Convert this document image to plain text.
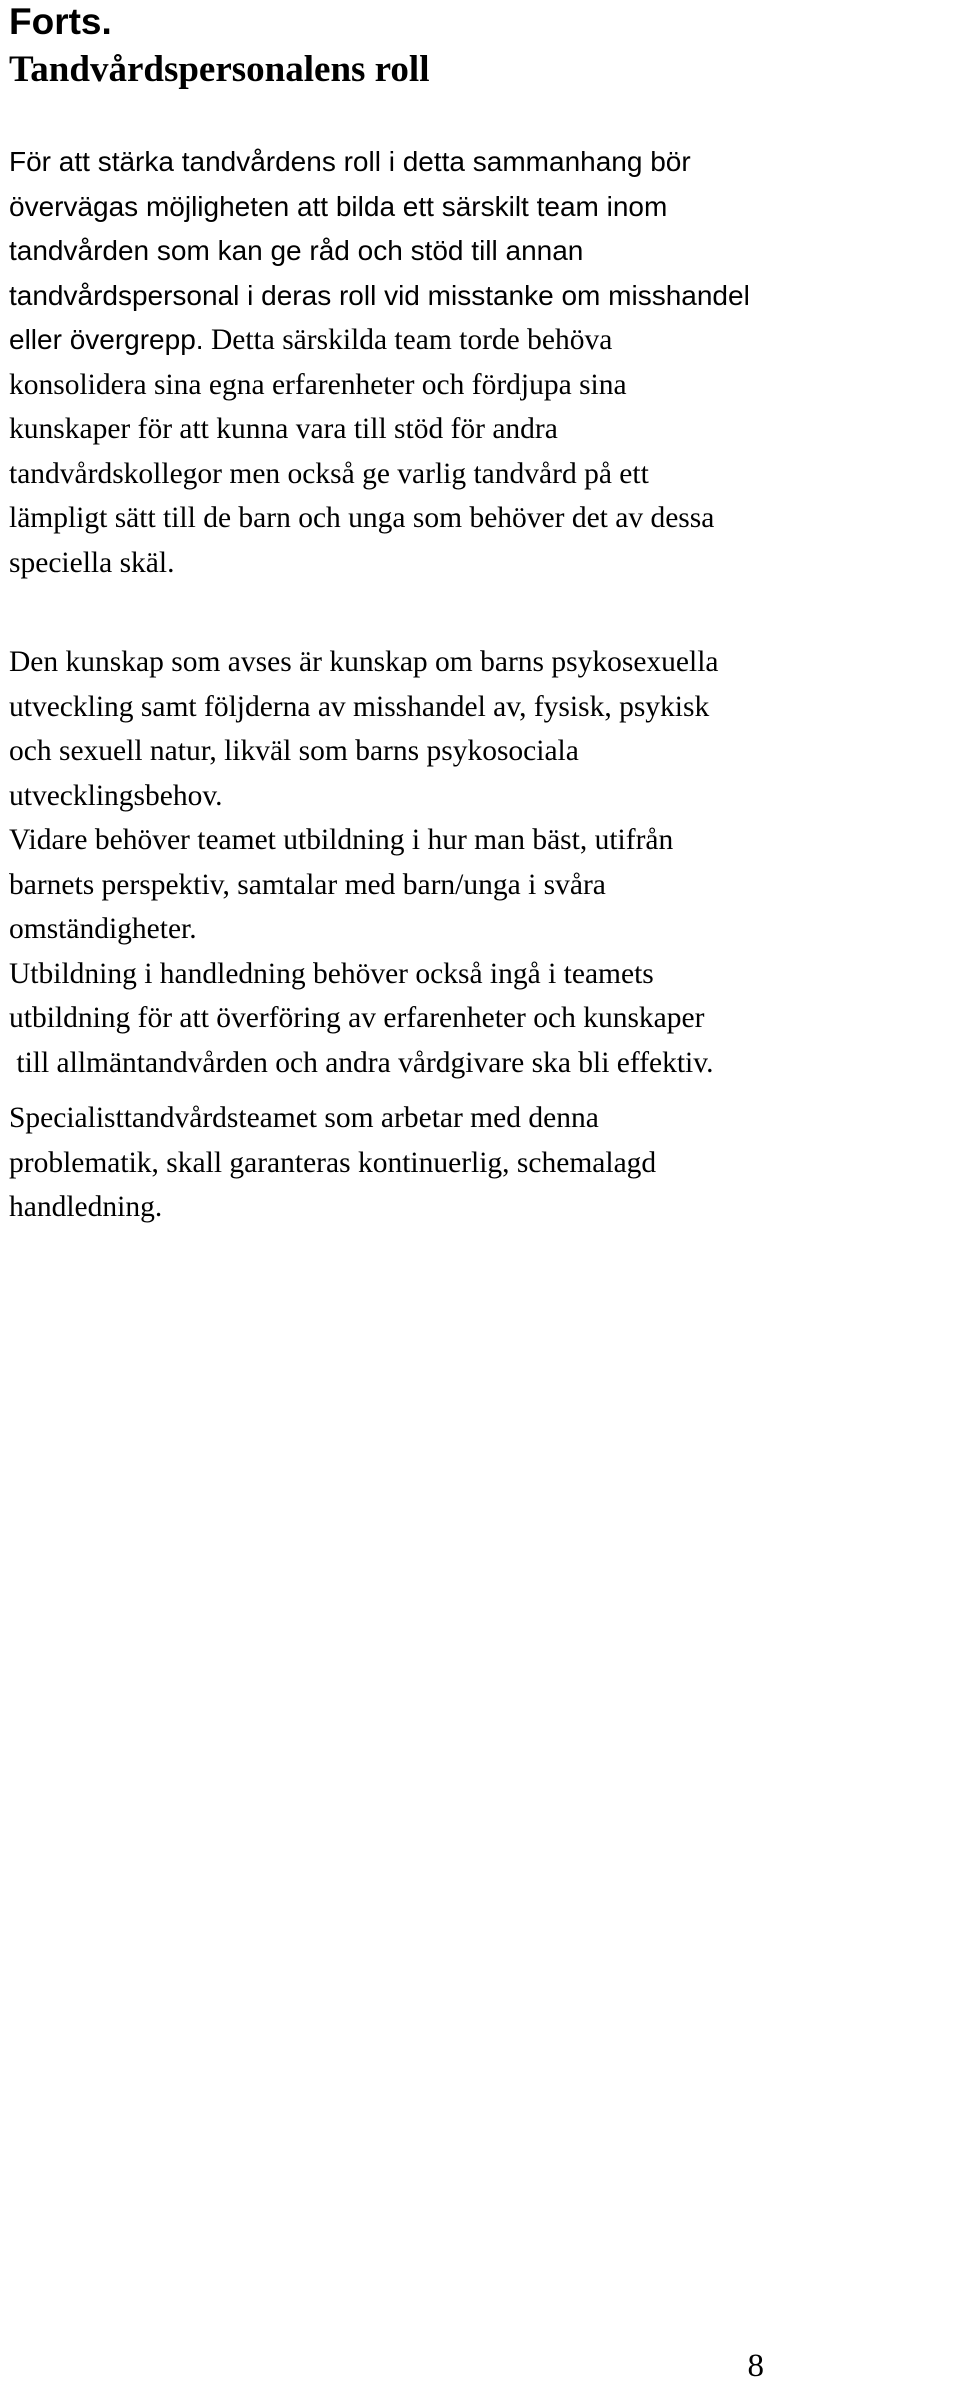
Forts.
Tandvårdspersonalens roll

För att stärka tandvårdens roll i detta sammanhang bör
övervägas möjligheten att bilda ett särskilt team inom
tandvården som kan ge råd och stöd till annan
tandvårdspersonal i deras roll vid misstanke om misshandel
eller övergrepp. Detta särskilda team torde behöva
konsolidera sina egna erfarenheter och fördjupa sina
kunskaper för att kunna vara till stöd för andra
tandvårdskollegor men också ge varlig tandvård på ett
lämpligt sätt till de barn och unga som behöver det av dessa
speciella skäl.

Den kunskap som avses är kunskap om barns psykosexuella
utveckling samt följderna av misshandel av, fysisk, psykisk
och sexuell natur, likväl som barns psykosociala
utvecklingsbehov.
Vidare behöver teamet utbildning i hur man bäst, utifrån
barnets perspektiv, samtalar med barn/unga i svåra
omständigheter.
Utbildning i handledning behöver också ingå i teamets
utbildning för att överföring av erfarenheter och kunskaper
till allmäntandvården och andra vårdgivare ska bli effektiv.

Specialisttandvårdsteamet som arbetar med denna
problematik, skall garanteras kontinuerlig, schemalagd
handledning.

8
